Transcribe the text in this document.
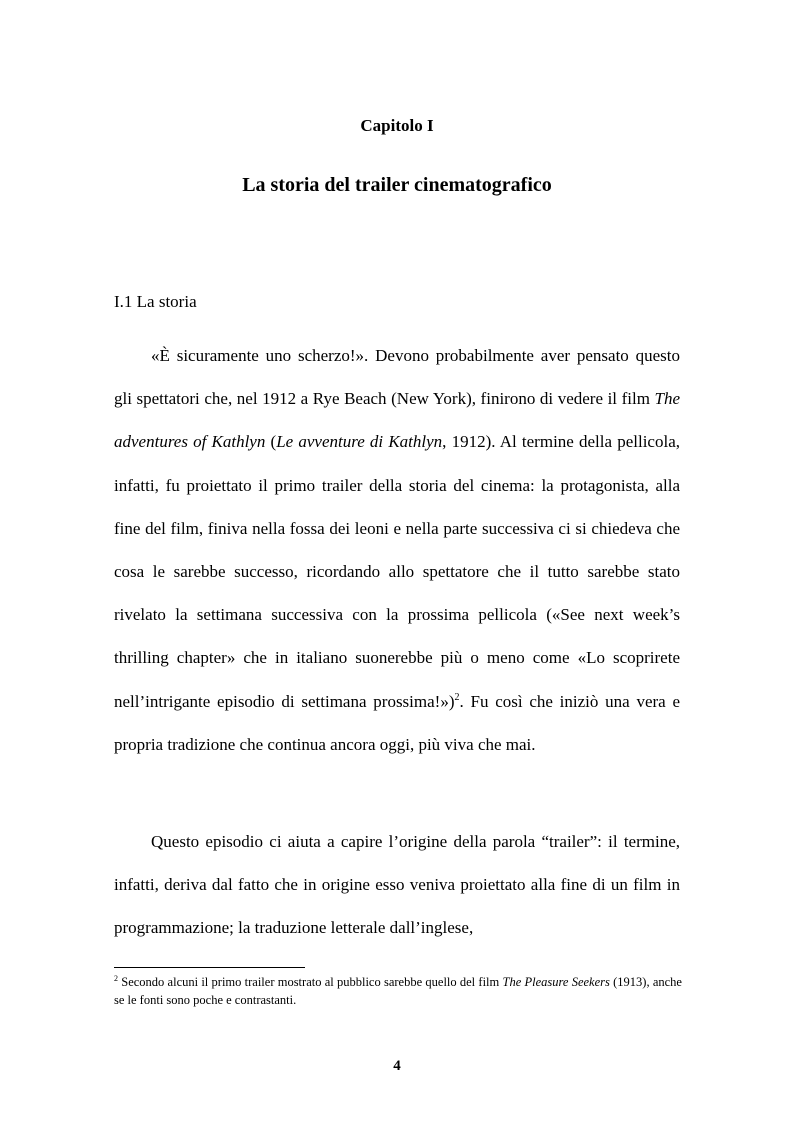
Capitolo I
La storia del trailer cinematografico
I.1 La storia

«È sicuramente uno scherzo!». Devono probabilmente aver pensato questo gli spettatori che, nel 1912 a Rye Beach (New York), finirono di vedere il film The adventures of Kathlyn (Le avventure di Kathlyn, 1912). Al termine della pellicola, infatti, fu proiettato il primo trailer della storia del cinema: la protagonista, alla fine del film, finiva nella fossa dei leoni e nella parte successiva ci si chiedeva che cosa le sarebbe successo, ricordando allo spettatore che il tutto sarebbe stato rivelato la settimana successiva con la prossima pellicola («See next week’s thrilling chapter» che in italiano suonerebbe più o meno come «Lo scoprirete nell’intrigante episodio di settimana prossima!»)$^2$. Fu così che iniziò una vera e propria tradizione che continua ancora oggi, più viva che mai.

Questo episodio ci aiuta a capire l’origine della parola “trailer”: il termine, infatti, deriva dal fatto che in origine esso veniva proiettato alla fine di un film in programmazione; la traduzione letterale dall’inglese,

$^2$ Secondo alcuni il primo trailer mostrato al pubblico sarebbe quello del film The Pleasure Seekers (1913), anche se le fonti sono poche e contrastanti.

4
